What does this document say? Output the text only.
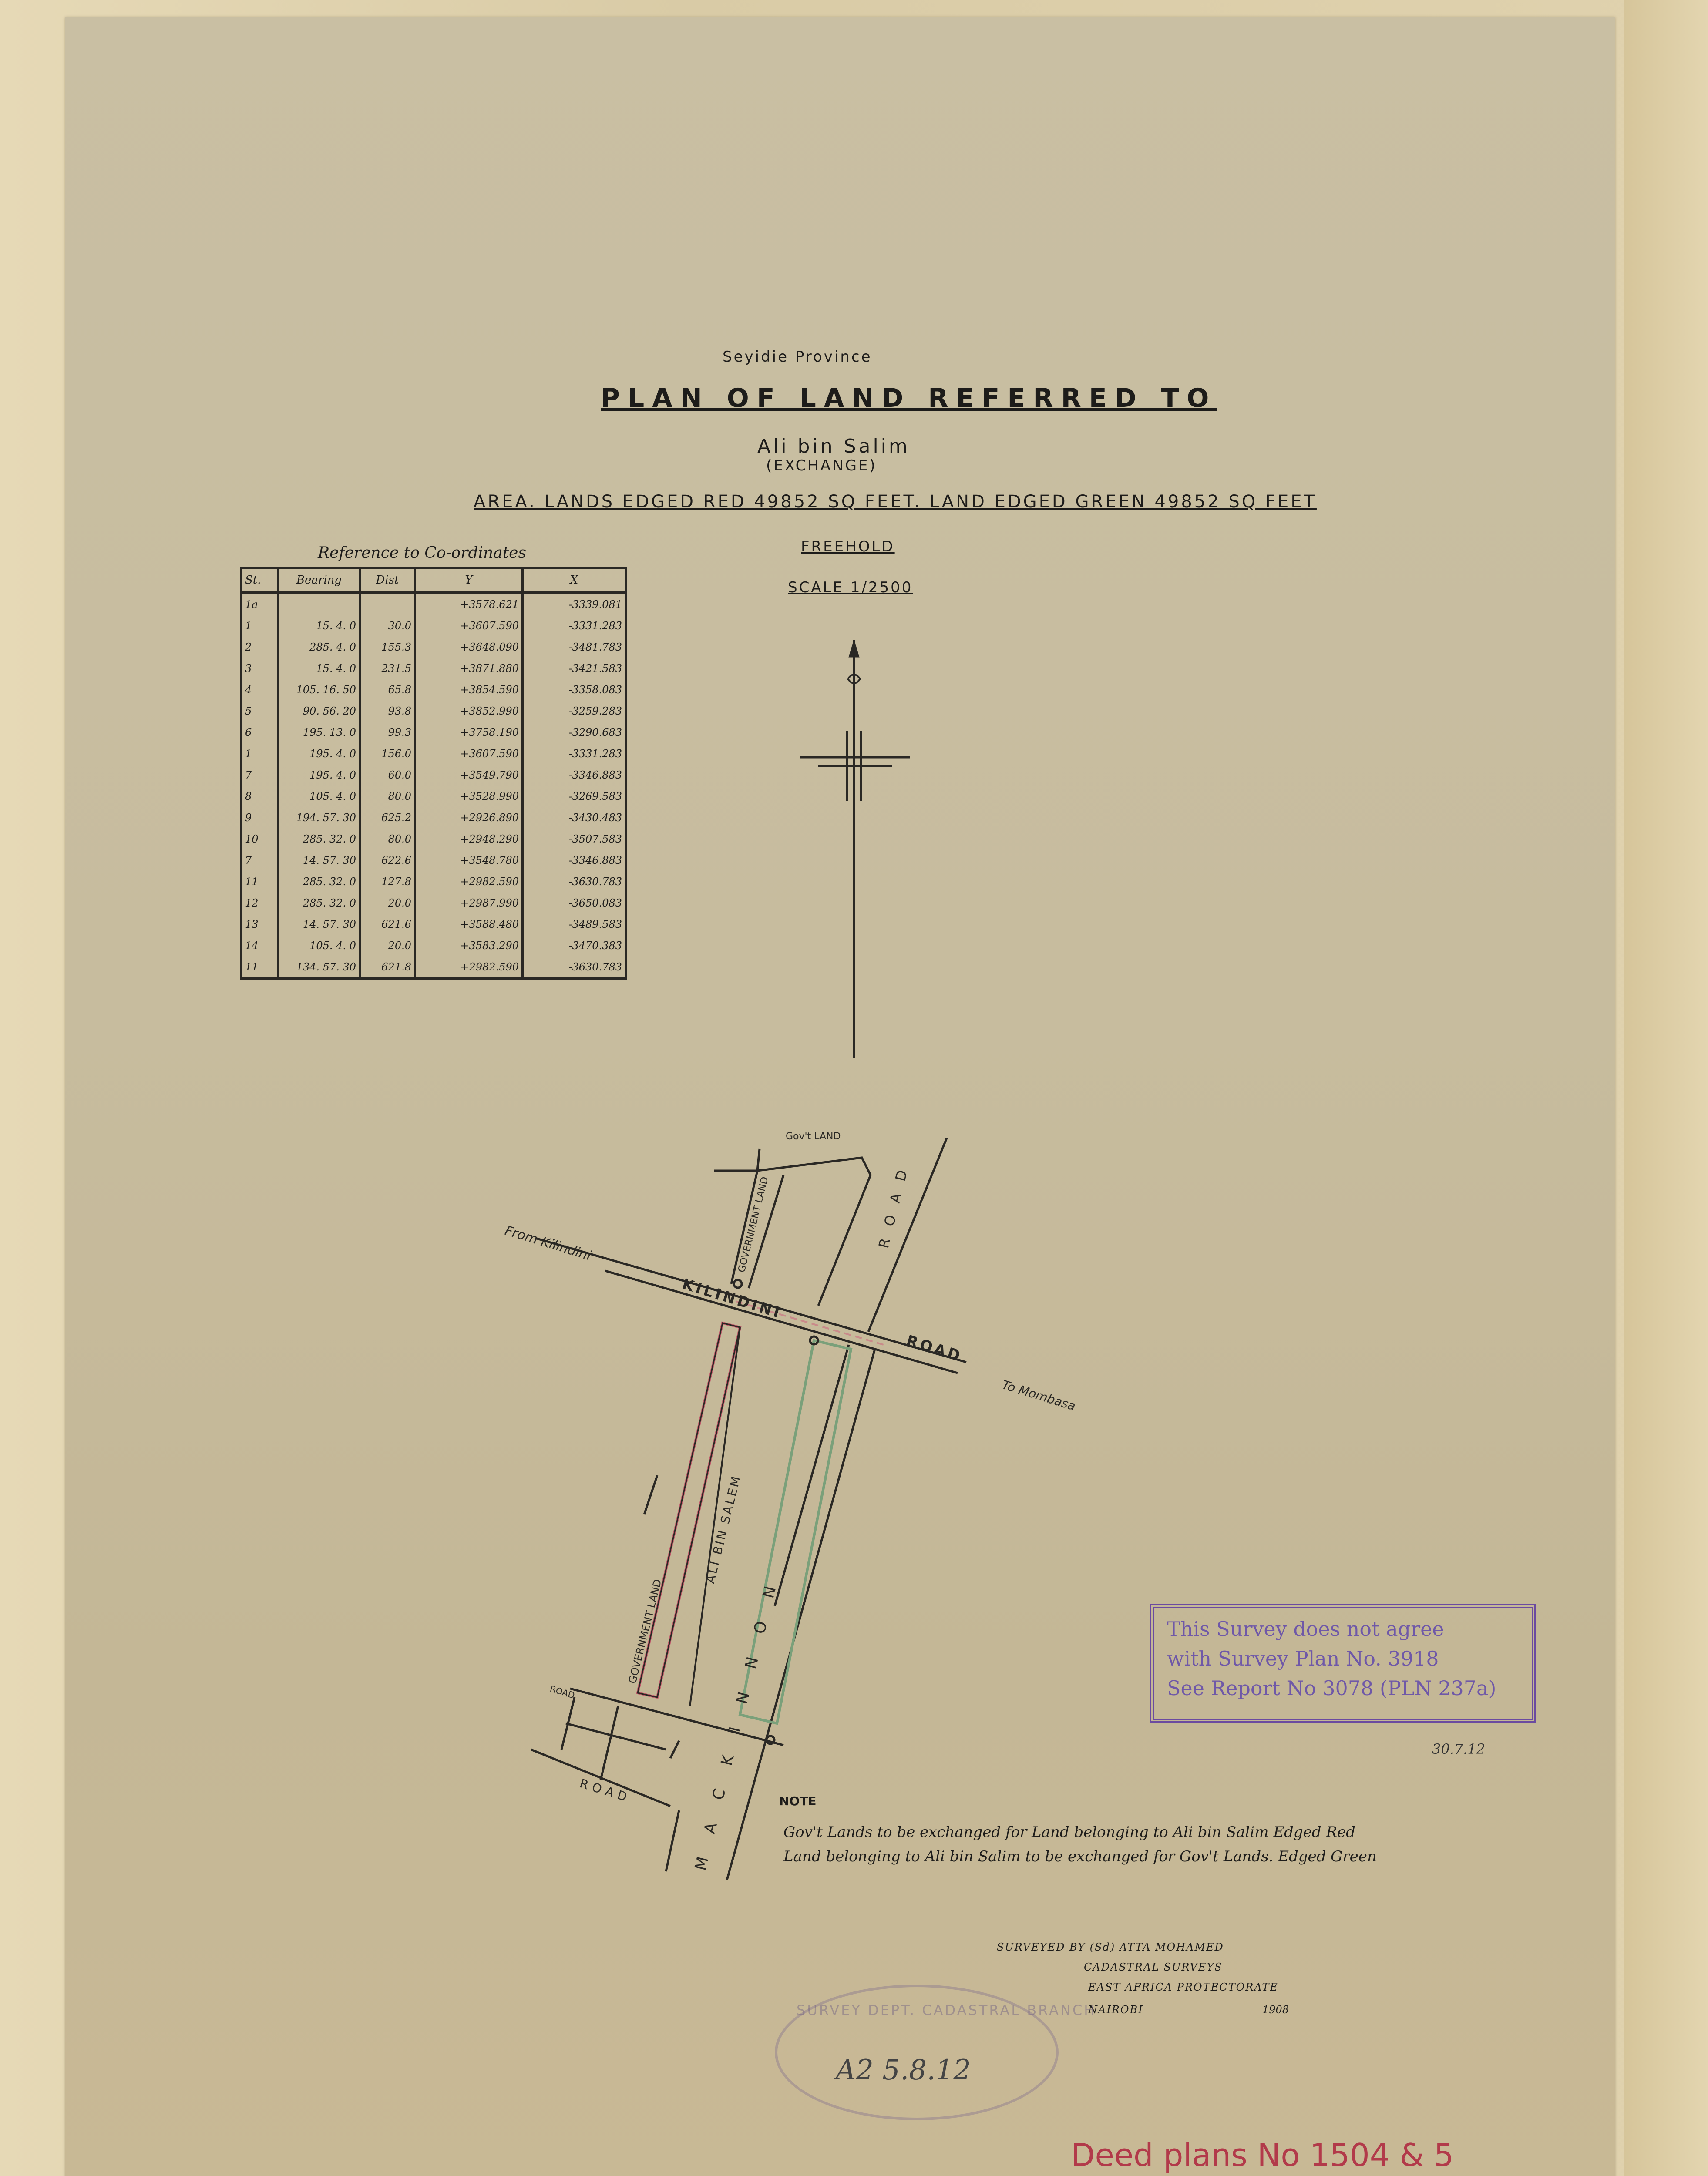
Seyidie Province
PLAN OF LAND REFERRED TO
Ali bin Salim
(EXCHANGE)
AREA. LANDS EDGED RED 49852 SQ FEET. LAND EDGED GREEN 49852 SQ FEET
FREEHOLD
SCALE 1/2500
Reference to Co-ordinates
St.	Bearing	Dist	Y	X
1a			+3578.621	-3339.081
1	15. 4. 0	30.0	+3607.590	-3331.283
2	285. 4. 0	155.3	+3648.090	-3481.783
3	15. 4. 0	231.5	+3871.880	-3421.583
4	105. 16. 50	65.8	+3854.590	-3358.083
5	90. 56. 20	93.8	+3852.990	-3259.283
6	195. 13. 0	99.3	+3758.190	-3290.683
1	195. 4. 0	156.0	+3607.590	-3331.283
7	195. 4. 0	60.0	+3549.790	-3346.883
8	105. 4. 0	80.0	+3528.990	-3269.583
9	194. 57. 30	625.2	+2926.890	-3430.483
10	285. 32. 0	80.0	+2948.290	-3507.583
7	14. 57. 30	622.6	+3548.780	-3346.883
11	285. 32. 0	127.8	+2982.590	-3630.783
12	285. 32. 0	20.0	+2987.990	-3650.083
13	14. 57. 30	621.6	+3588.480	-3489.583
14	105. 4. 0	20.0	+3583.290	-3470.383
11	134. 57. 30	621.8	+2982.590	-3630.783
From Kilindini
KILINDINI
ROAD
To Mombasa
Gov't LAND
GOVERNMENT LAND
GOVERNMENT LAND
ALI BIN SALEM
MACKINNON
ROAD
ROAD
ROAD
NOTE
Gov't Lands to be exchanged for Land belonging to Ali bin Salim Edged Red
Land belonging to Ali bin Salim to be exchanged for Gov't Lands. Edged Green
SURVEYED BY (Sd) ATTA MOHAMED
CADASTRAL SURVEYS
EAST AFRICA PROTECTORATE
NAIROBI	1908
This Survey does not agree
with Survey Plan No. 3918
See Report No 3078 (PLN 237a)
30.7.12
SURVEY DEPT. CADASTRAL BRANCH
A2 5.8.12
Deed plans No 1504 & 5
